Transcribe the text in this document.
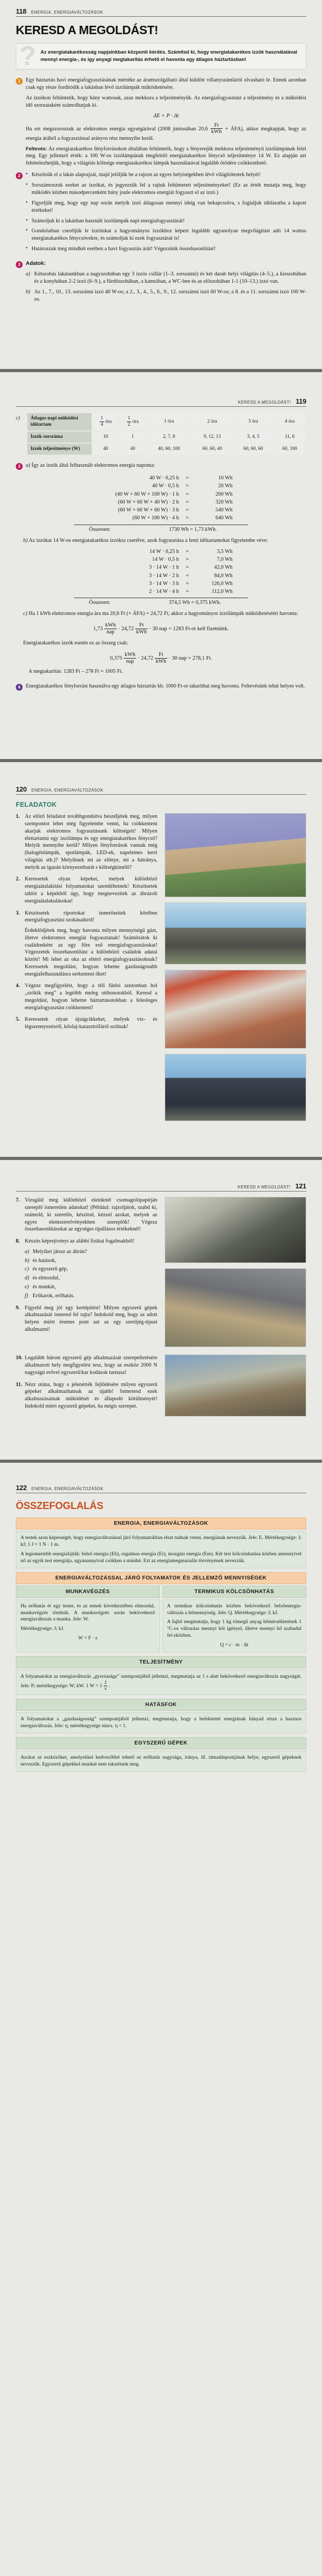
118 ENERGIA, ENERGIAVÁLTOZÁSOK
KERESD A MEGOLDÁST!
? Az energiatakarékosság napjainkban központi kérdés. Számítsd ki, hogy energiatakarékos izzók használatával mennyi energia-, és így anyagi megtakarítás érhető el havonta egy átlagos háztartásban!

1	Egy háztartás havi energiafogyasztásának mértéke az áramszolgáltató által küldött villanyszámláról olvasható le. Ennek azonban csak egy része fordítódik a lakásban lévő izzólámpák működtetésére.

Az izzókon feltüntetik, hogy hány wattosak, azaz mekkora a teljesítményük. Az energiafogyasztást a teljesítmény és a működési idő szorzataként számolhatjuk ki.

ΔE = P · Δt

Ha ezt megszorozzuk az elektromos energia egységárával (2008 júniusában $20,6 \frac{Ft}{\text{kWh}}$ + ÁFA), akkor megkapjuk, hogy az energia árából a fogyasztással arányos rész mennyibe kerül.

Feltevés: Az energiatakarékos fényforrásokon általában feltüntetik, hogy a fényerejük mekkora teljesítményű izzólámpának felel meg. Egy jellemző érték: a 100 W-os izzólámpának megfelelő energiatakarékos fénycső teljesítménye 14 W. Ez alapján azt feltételezhetjük, hogy a világítás költsége energiatakarékos lámpák használatával legalább ötödére csökkenthető.

2	• Készítsük el a lakás alaprajzát, majd jelöljük be a rajzon az egyes helyiségekben lévő világítótestek helyét!
• Sorszámozzuk ezeket az izzókat, és jegyezzük fel a rajtuk feltüntetett teljesítményeket! (Ez az érték mutatja meg, hogy működés közben másodpercenként hány joule elektromos energiát fogyaszt el az izzó.)
• Figyeljük meg, hogy egy nap során melyik izzó átlagosan mennyi ideig van bekapcsolva, s foglaljuk táblázatba a kapott értékeket!
• Számoljuk ki a lakásban használt izzólámpák napi energiafogyasztását!
• Gondolatban cseréljük le izzóinkat a hagyományos izzókhoz képest legalább ugyanolyan megvilágítást adó 14 wattos energiatakarékos fénycsövekre, és számoljuk ki ezek fogyasztását is!
• Határozzuk meg mindkét esetben a havi fogyasztás árát! Végezzünk összehasonlítást!
3	Adatok:

a) Kétszobás lakásunkban a nagyszobában egy 3 izzós csillár (1–3. sorszámú) és két darab helyi világítás (4–5.), a kisszobában és a konyhában 2-2 izzó (6–9.), a fürdőszobában, a kamrában, a WC-ben és az előszobában 1-1 (10–13.) izzó van.
b) Az 1., 7., 10., 13. sorszámú izzó 40 W-os; a 2., 3., 4., 5., 6., 9., 12. sorszámú izzó 60 W-os; a 8. és a 11. sorszámú izzó 100 W-os.
KERESD A MEGOLDÁST! 119
c)	Átlagos napi működési időtartam	$\frac{1}{4}$ óra	$\frac{1}{2}$ óra	1 óra	2 óra	3 óra	4 óra
Izzók sorszáma	10	1	2, 7, 8	9, 12, 13	3, 4, 5	11, 6
Izzók teljesítménye (W)	40	40	40, 60, 100	60, 60, 40	60, 60, 60	60, 100
3	a) Így az izzók által felhasznált elektromos energia naponta:

40 W · 0,25 h	=	10 Wh
40 W · 0,5 h	=	20 Wh
(40 W + 60 W + 100 W) · 1 h	=	200 Wh
(60 W + 60 W + 40 W) · 2 h	=	320 Wh
(60 W + 60 W + 60 W) · 3 h	=	540 Wh
(60 W + 100 W) · 4 h	=	640 Wh
Összesen:	1730 Wh = 1,73 kWh.
b) Az izzókat 14 W-os energiatakarékos izzókra cserélve, azok fogyasztása a fenti időtartamokat figyelembe véve:
14 W · 0,25 h	=	3,5 Wh
14 W · 0,5 h	=	7,0 Wh
3 · 14 W · 1 h	=	42,0 Wh
3 · 14 W · 2 h	=	84,0 Wh
3 · 14 W · 3 h	=	126,0 Wh
2 · 14 W · 4 h	=	112,0 Wh
Összesen:	374,5 Wh = 0,375 kWh.
c) Ha 1 kWh elektromos energia ára ma 20,6 Ft (+ ÁFA) = 24,72 Ft, akkor a hagyományos izzólámpák működtetéséért havonta:
$1,73 \frac{\text{kWh}}{\text{nap}} \cdot 24,72 \frac{Ft}{\text{kWh}} \cdot 30$ nap = 1283 Ft-ot kell fizetnünk.
Energiatakarékos izzók esetén ez az összeg csak:
$0,375 \frac{\text{kWh}}{\text{nap}} \cdot 24,72 \frac{Ft}{\text{kWh}} \cdot 30$ nap = 278,1 Ft.
A megtakarítás: 1283 Ft – 278 Ft = 1005 Ft.
4	Energiatakarékos fényforrást használva egy átlagos háztartás kb. 1000 Ft-ot takaríthat meg havonta. Feltevésünk tehát helyes volt.

120 ENERGIA, ENERGIAVÁLTOZÁSOK
FELADATOK

Az előző feladatot továbbgondolva beszéljétek meg, milyen szempontot lehet még figyelembe venni, ha csökkenteni akarjuk elektromos fogyasztásunk költségeit! Milyen élettartamú egy izzólámpa és egy energiatakarékos fénycső? Melyik mennyibe kerül? Milyen fényforrások vannak még (halogénlámpák, spotlámpák, LED-ek, napelemes kerti világítás stb.)? Melyiknek mi az előnye, mi a hátránya, melyik az igazán környezetbarát s költségkímélő?

Keressetek olyan képeket, melyek különböző energiaátalakítási folyamatokat szemléltetnek! Készítsetek tablót a képekből úgy, hogy megnevezitek az ábrázolt energiaátalakulásokat!

Készítsetek riportokat ismerőseitek körében energiafogyasztási szokásaikról!

Érdeklődjétek meg, hogy havonta milyen mennyiségű gázt, illetve elektromos energiát fogyasztanak! Számítsátok ki családonként az egy főre eső energiafogyasztásukat! Végezzetek összehasonlítást a különböző családok adatai között! Mi lehet az oka az eltérő energiafogyasztásoknak? Keressetek megoldást, hogyan lehetne gazdaságosabb energiafelhasználásra serkenteni őket!

Végezz megfigyelést, hogy a téli fűtési szezonban hol „szökik meg” a legtöbb meleg otthonotokból. Keresd a megoldást, hogyan lehetne háztartásotokban a felesleges energiafogyasztást csökkenteni!

Keressetek olyan újságcikkeket, melyek víz- és légszennyezésről, kőolaj-katasztrófáról szólnak!

KERESD A MEGOLDÁST! 121

Vizsgáld meg különböző eleinknél csomagolópapírján szereplő ismeretlen adatokat! (Például: rajzoljátok, szabd ki, számold, ki szerelős, készítsd, kézzel azokat, melyek az egyes elemszerelvényekben szereplők! Végezz összehasonlításokat az egységes típállásos értékeknél!

Készíts képrejtvényt az alábbi fizikai fogalmakból!

a) Melyiket játssz az ábrán?
b) és hatások,
c) és egyszerű gép,
d) és elmozdul,
e) és munkát,
f) Erőkarok, erőhatás.

Figyeld meg jól egy kertépítést! Milyen egyszerű gépek alkalmazását ismered fel rajta? Indokold meg, hogy az adott helyen miért éremes pont azt az egy szerűjég-típust alkalmazni!

Legalább három egyszerű gép alkalmazását szerepeltetésére alkalmazott hely megfigyelést tesz, hogy az eszköz 2000 N nagyságú erővel egyszerű/kar kodások turnusa!

Nézz utána, hogy a jelenérték fejlődésére milyen egyszerű gépeket alkalmazhatnak az újabb! Ismertesd ezek alkalmazásainak működését és állapodó körülményét! Indokold miért egyszerű gépeket, ha mégis szerepet.

122 ENERGIA, ENERGIAVÁLTOZÁSOK
ÖSSZEFOGLALÁS
ENERGIA, ENERGIAVÁLTOZÁSOK

A testek azon képességét, hogy energiaváltozással járó folyamatokban részt tudnak venni, energiának nevezzük. Jele: E. Mértékegysége: J; kJ; 1 J = 1 N · 1 m.

A legismertebb energiafajták: belső energia (Eb), rugalmas energia (Er), mozgási energia (Em). Két test kölcsönhatása közben amennyivel nő az egyik test energiája, ugyanannyival csökken a másiké. Ezt az energiamegmaradás törvényének nevezzük.

ENERGIAVÁLTOZÁSSAL JÁRÓ FOLYAMATOK ÉS JELLEMZŐ MENNYISÉGEK
MUNKAVÉGZÉS	TERMIKUS KÖLCSÖNHATÁS

Ha erőhatás ér egy testet, és az ennek következtében elmozdul, munkavégzés történik. A munkavégzés során bekövetkező energiaváltozás a munka. Jele: W.

Mértékegysége: J; kJ.

W = F · s

A termikus kölcsönhatás közben bekövetkező belsőenergia-változás a hőmennyiség. Jele: Q. Mértékegysége: J; kJ.

A fajhő megmutatja, hogy 1 kg tömegű anyag hőmérsékletének 1 °C-os változása mennyi hőt igényel, illetve mennyi hő szabadul fel eközben.

Q = c · m · Δt

TELJESÍTMÉNY

A folyamatokat az energiaváltozás „gyorsasága” szempontjából jellemzi, megmutatja az 1 s alatt bekövetkező energiaváltozás nagyságát. Jele: P; mértékegysége: W; kW. 1 $W = 1 \frac{J}{s}$ .

HATÁSFOK
A folyamatokat a „gazdaságosság” szempontjából jellemzi, megmutatja, hogy a befektetett energiának hányad része a hasznos energiaváltozás. Jele: η; mértékegysége nincs. η < 1.
EGYSZERŰ GÉPEK
Azokat az eszközöket, amelyekkel kedvezőbbé tehető az erőhatás nagysága, iránya, ill. támadáspontjának helye, egyszerű gépeknek nevezzük. Egyszerű gépekkel munkát nem takarítunk meg.
